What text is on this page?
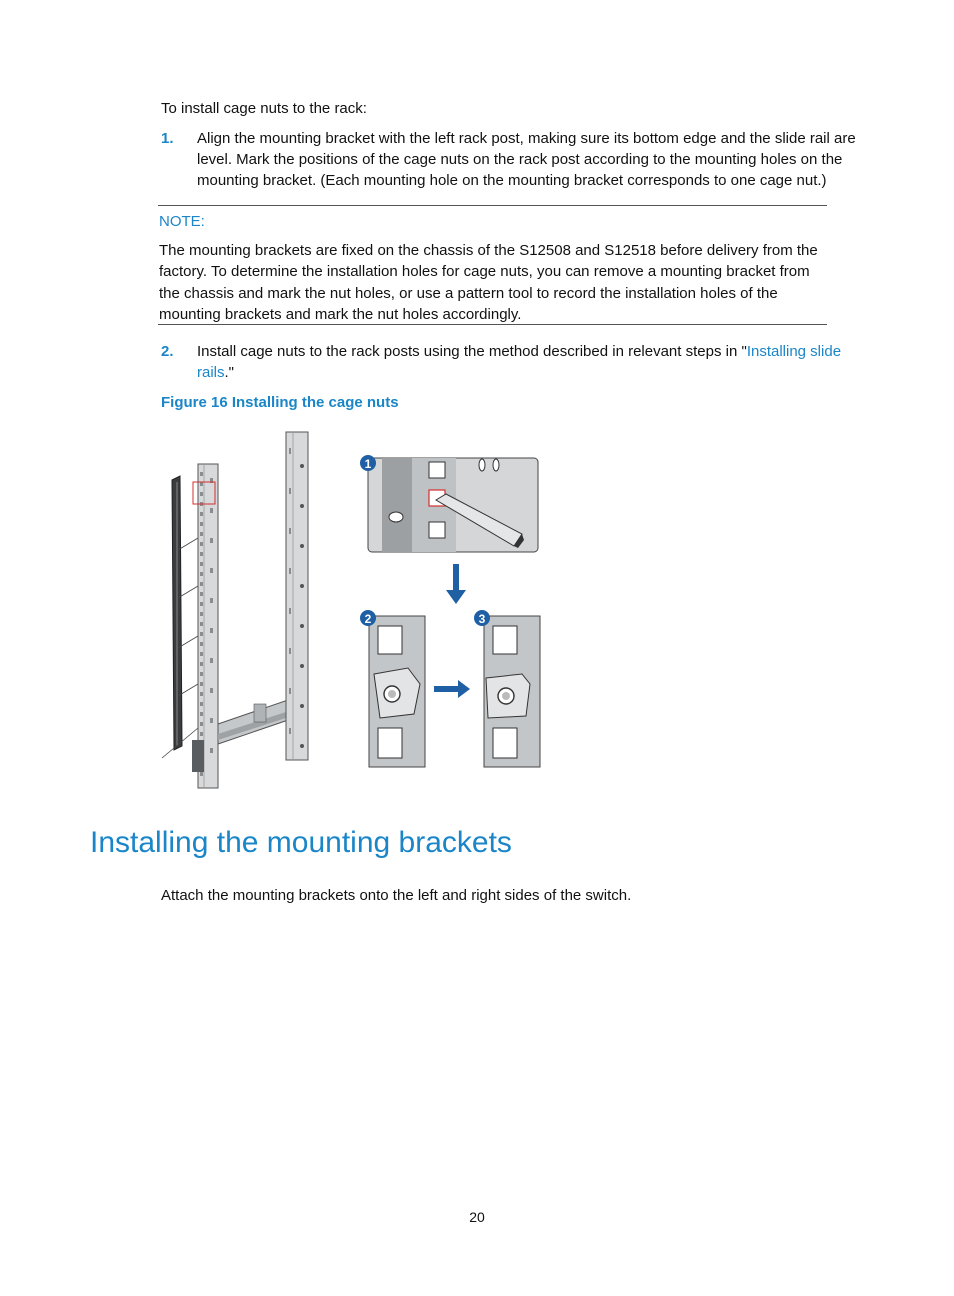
To install cage nuts to the rack:
1. Align the mounting bracket with the left rack post, making sure its bottom edge and the slide rail are level. Mark the positions of the cage nuts on the rack post according to the mounting holes on the mounting bracket. (Each mounting hole on the mounting bracket corresponds to one cage nut.)
NOTE:
The mounting brackets are fixed on the chassis of the S12508 and S12518 before delivery from the factory. To determine the installation holes for cage nuts, you can remove a mounting bracket from the chassis and mark the nut holes, or use a pattern tool to record the installation holes of the mounting brackets and mark the nut holes accordingly.
2. Install cage nuts to the rack posts using the method described in relevant steps in "Installing slide rails."
Figure 16 Installing the cage nuts
1
2	3
Installing the mounting brackets
Attach the mounting brackets onto the left and right sides of the switch.
20
